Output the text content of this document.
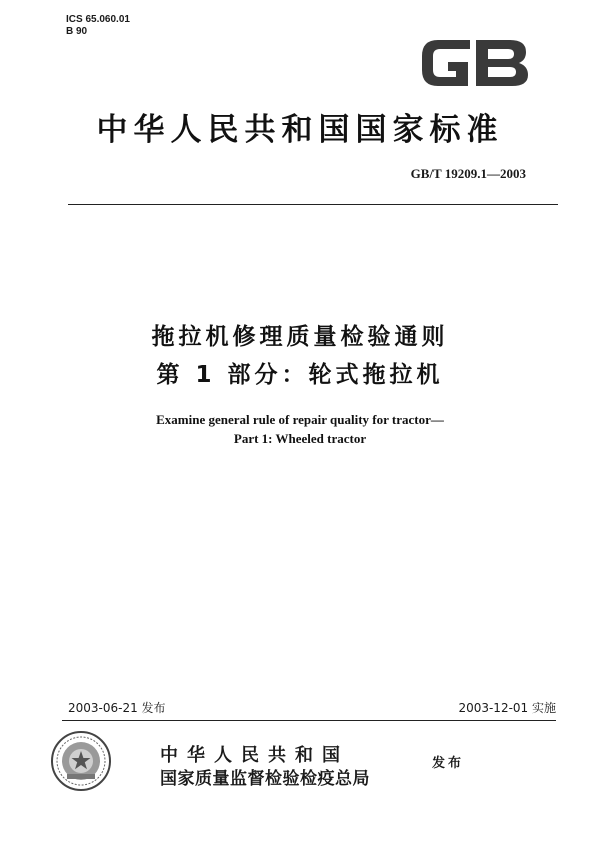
ICS 65.060.01
B 90
中华人民共和国国家标准
GB/T 19209.1—2003
拖拉机修理质量检验通则
第 1 部分：轮式拖拉机
Examine general rule of repair quality for tractor—
Part 1: Wheeled tractor
2003-06-21 发布	2003-12-01 实施
中华人民共和国
国家质量监督检验检疫总局
发布
